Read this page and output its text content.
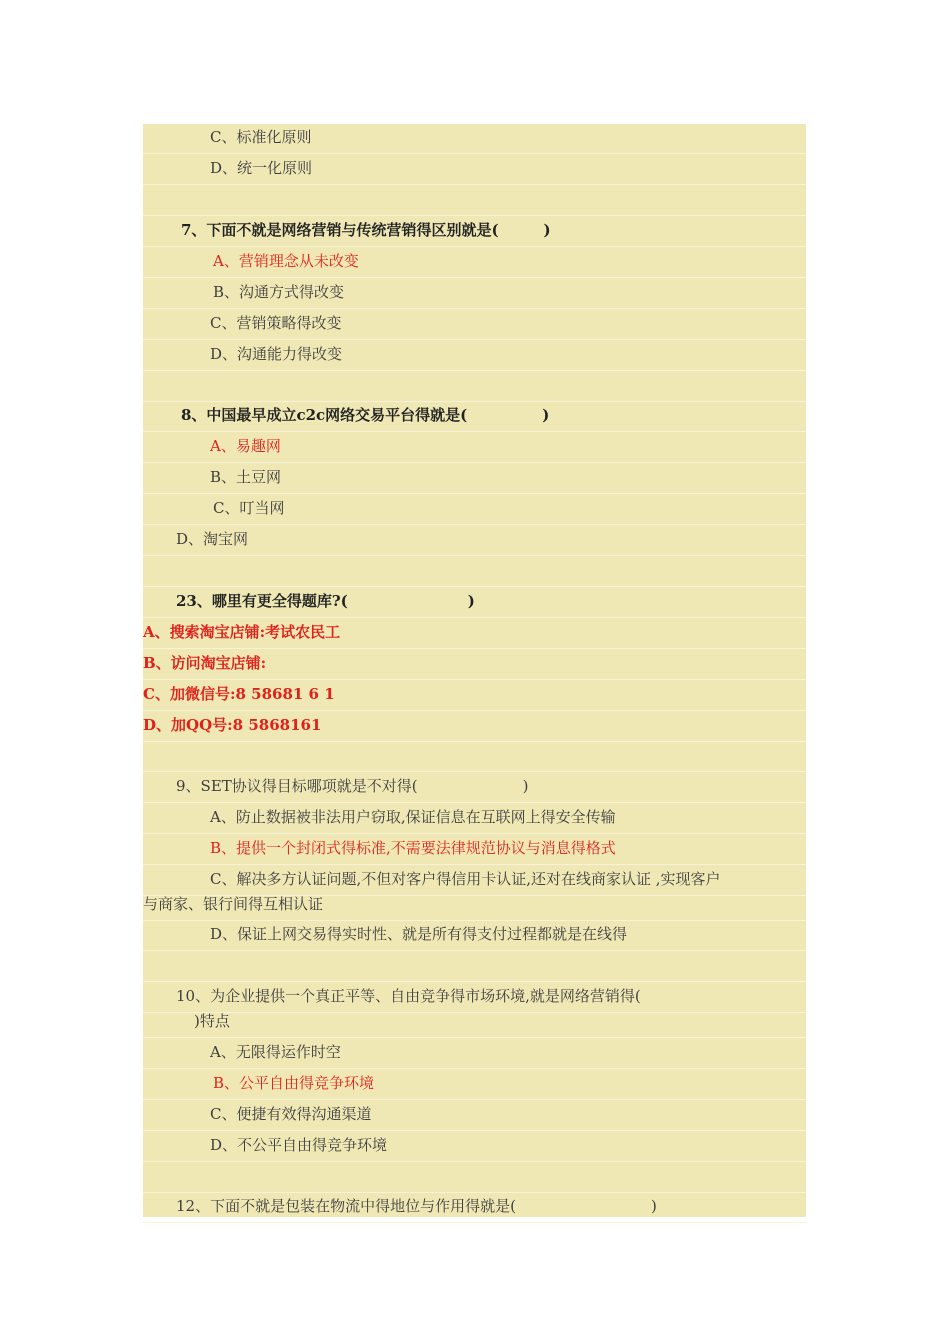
C、标准化原则
D、统一化原则
7、下面不就是网络营销与传统营销得区别就是(　　　)
A、营销理念从未改变
B、沟通方式得改变
C、营销策略得改变
D、沟通能力得改变
8、中国最早成立c2c网络交易平台得就是(　　　　　)
A、易趣网
B、土豆网
C、叮当网
D、淘宝网
23、哪里有更全得题库?(　　　　　　　　)
A、搜索淘宝店铺:考试农民工
B、访问淘宝店铺:
C、加微信号:8 58681 6 1
D、加QQ号:8 5868161
9、SET协议得目标哪项就是不对得(　　　　　　　)
A、防止数据被非法用户窃取,保证信息在互联网上得安全传输
B、提供一个封闭式得标准,不需要法律规范协议与消息得格式
C、解决多方认证问题,不但对客户得信用卡认证,还对在线商家认证 ,实现客户
与商家、银行间得互相认证
D、保证上网交易得实时性、就是所有得支付过程都就是在线得
10、为企业提供一个真正平等、自由竞争得市场环境,就是网络营销得(
)特点
A、无限得运作时空
B、公平自由得竞争环境
C、便捷有效得沟通渠道
D、不公平自由得竞争环境
12、下面不就是包装在物流中得地位与作用得就是(　　　　　　　　　)
